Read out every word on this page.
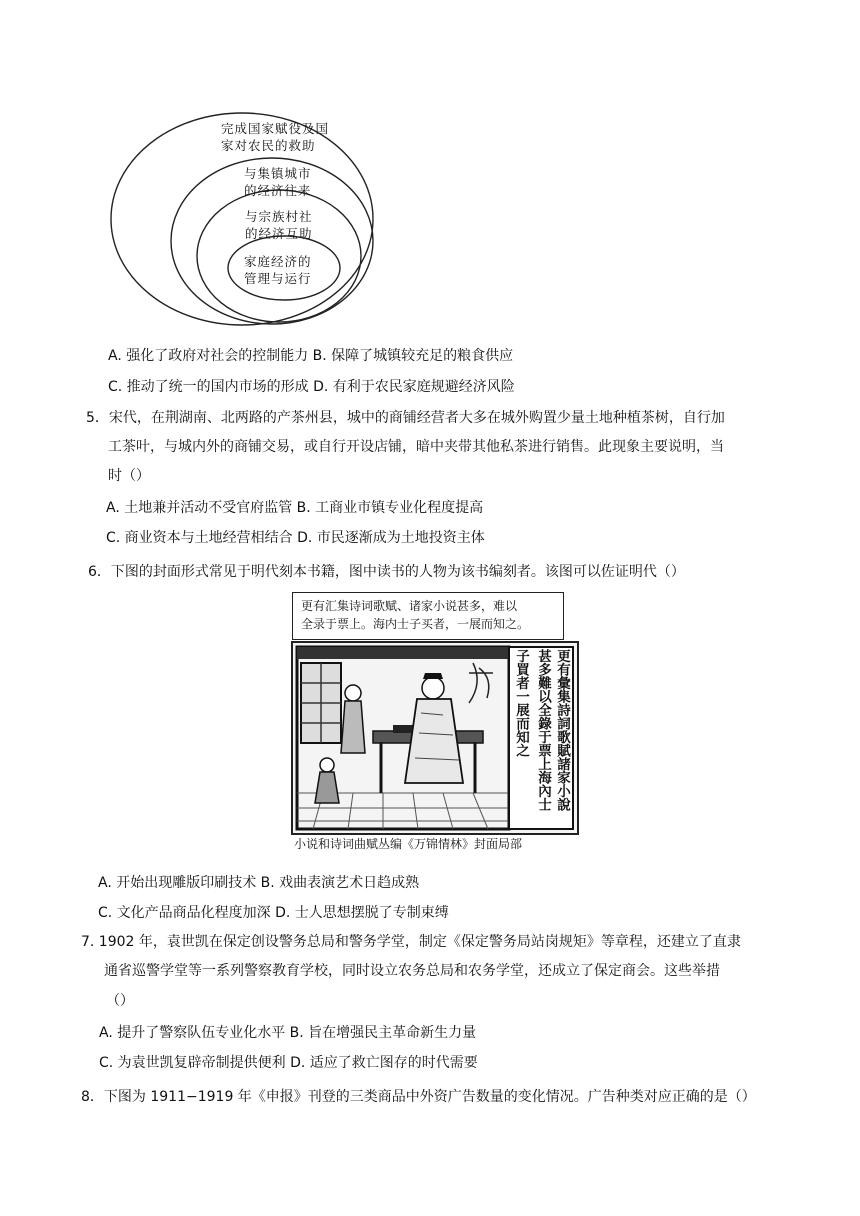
完成国家赋役及国
家对农民的救助
与集镇城市
的经济往来
与宗族村社
的经济互助
家庭经济的
管理与运行
A. 强化了政府对社会的控制能力 B. 保障了城镇较充足的粮食供应
C. 推动了统一的国内市场的形成 D. 有利于农民家庭规避经济风险
5．宋代，在荆湖南、北两路的产茶州县，城中的商铺经营者大多在城外购置少量土地种植茶树，自行加
工茶叶，与城内外的商铺交易，或自行开设店铺，暗中夹带其他私茶进行销售。此现象主要说明，当
时（）
A. 土地兼并活动不受官府监管 B. 工商业市镇专业化程度提高
C. 商业资本与土地经营相结合 D. 市民逐渐成为土地投资主体
6．下图的封面形式常见于明代刻本书籍，图中读书的人物为该书编刻者。该图可以佐证明代（）
更有汇集诗词歌赋、诸家小说甚多，难以
全录于票上。海内士子买者，一展而知之。
更有彙集詩詞歌賦諸家小說
甚多難以全錄于票上海內士
子買者一展而知之
小说和诗词曲赋丛编《万锦情林》封面局部
A. 开始出现雕版印刷技术 B. 戏曲表演艺术日趋成熟
C. 文化产品商品化程度加深 D. 士人思想摆脱了专制束缚
7. 1902 年，袁世凯在保定创设警务总局和警务学堂，制定《保定警务局站岗规矩》等章程，还建立了直隶
通省巡警学堂等一系列警察教育学校，同时设立农务总局和农务学堂，还成立了保定商会。这些举措
（）
A. 提升了警察队伍专业化水平 B. 旨在增强民主革命新生力量
C. 为袁世凯复辟帝制提供便利 D. 适应了救亡图存的时代需要
8．下图为 1911−1919 年《申报》刊登的三类商品中外资广告数量的变化情况。广告种类对应正确的是（）
